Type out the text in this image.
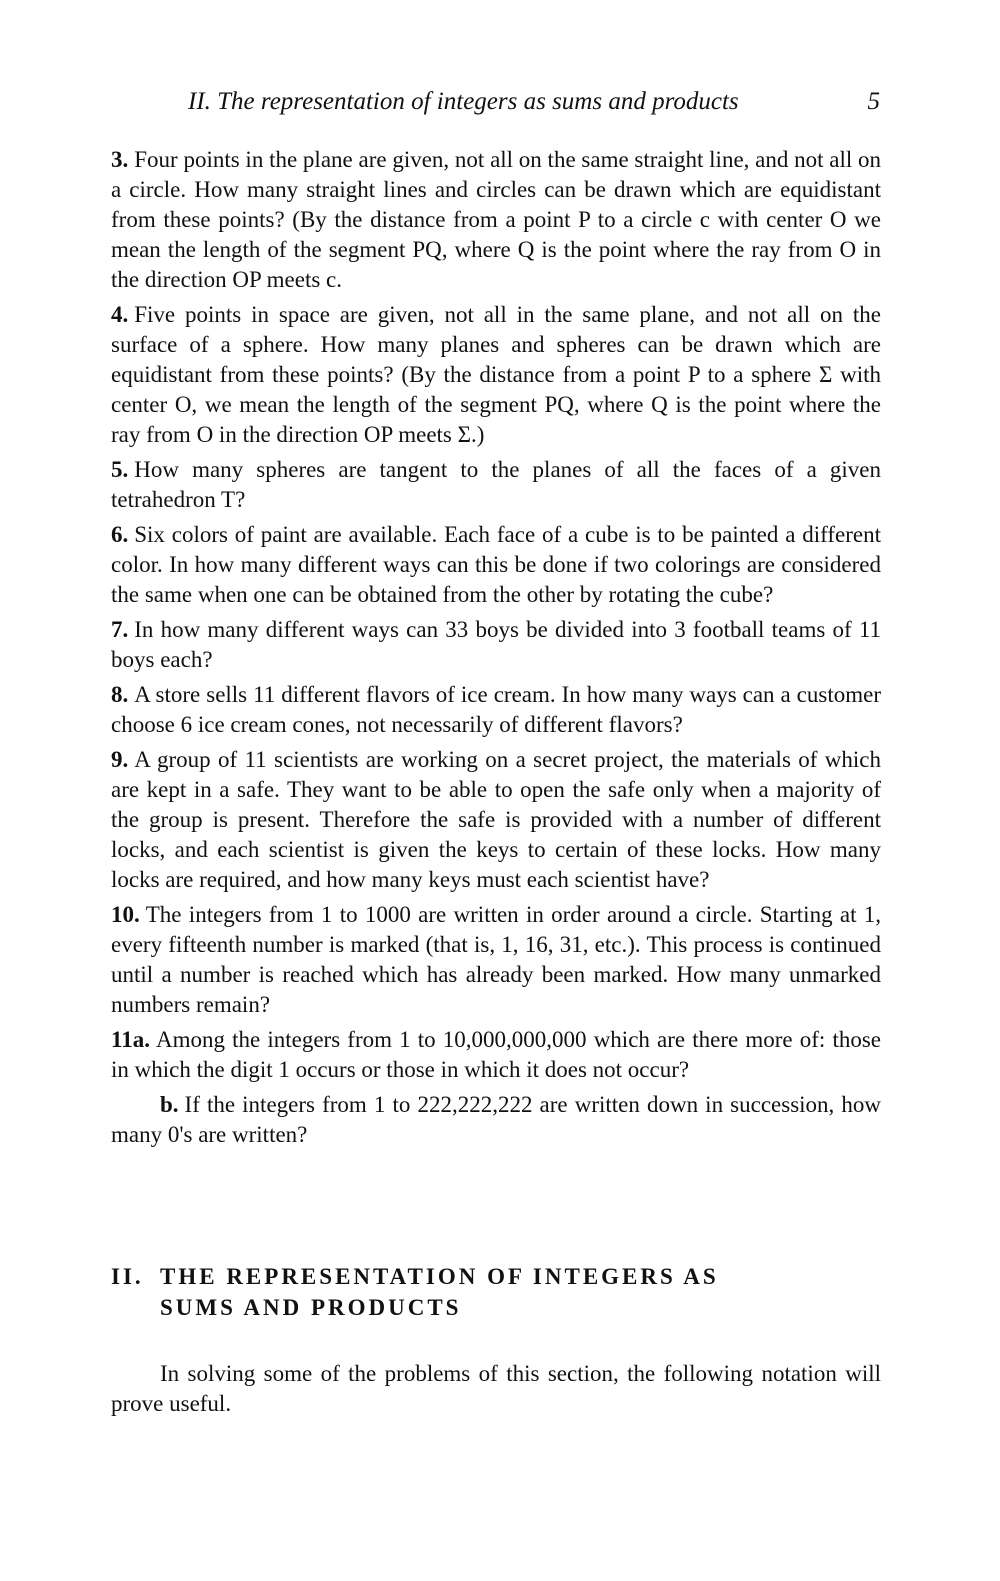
II. The representation of integers as sums and products	5

3. Four points in the plane are given, not all on the same straight line, and not all on a circle. How many straight lines and circles can be drawn which are equidistant from these points? (By the distance from a point P to a circle c with center O we mean the length of the segment PQ, where Q is the point where the ray from O in the direction OP meets c.

4. Five points in space are given, not all in the same plane, and not all on the surface of a sphere. How many planes and spheres can be drawn which are equidistant from these points? (By the distance from a point P to a sphere Σ with center O, we mean the length of the segment PQ, where Q is the point where the ray from O in the direction OP meets Σ.)

5. How many spheres are tangent to the planes of all the faces of a given tetrahedron T?

6. Six colors of paint are available. Each face of a cube is to be painted a different color. In how many different ways can this be done if two colorings are considered the same when one can be obtained from the other by rotating the cube?

7. In how many different ways can 33 boys be divided into 3 football teams of 11 boys each?

8. A store sells 11 different flavors of ice cream. In how many ways can a customer choose 6 ice cream cones, not necessarily of different flavors?

9. A group of 11 scientists are working on a secret project, the materials of which are kept in a safe. They want to be able to open the safe only when a majority of the group is present. Therefore the safe is provided with a number of different locks, and each scientist is given the keys to certain of these locks. How many locks are required, and how many keys must each scientist have?

10. The integers from 1 to 1000 are written in order around a circle. Starting at 1, every fifteenth number is marked (that is, 1, 16, 31, etc.). This process is continued until a number is reached which has already been marked. How many unmarked numbers remain?

11a. Among the integers from 1 to 10,000,000,000 which are there more of: those in which the digit 1 occurs or those in which it does not occur?

b. If the integers from 1 to 222,222,222 are written down in succession, how many 0's are written?

II. THE REPRESENTATION OF INTEGERS AS
SUMS AND PRODUCTS

In solving some of the problems of this section, the following notation will prove useful.
